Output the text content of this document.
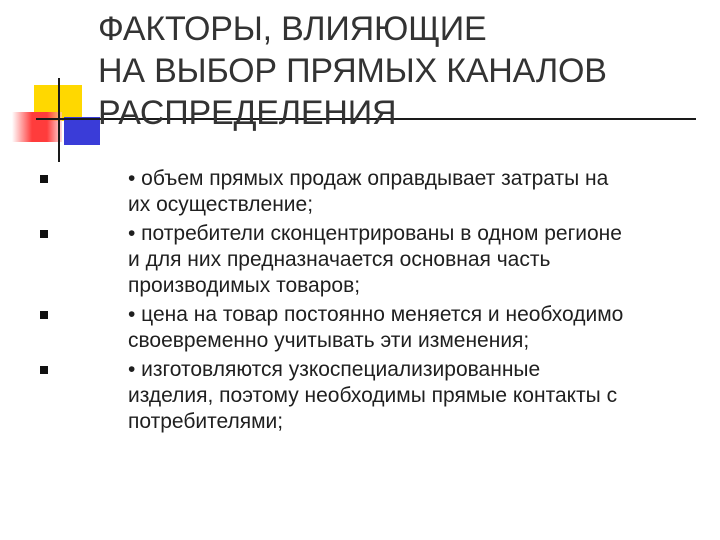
ФАКТОРЫ, ВЛИЯЮЩИЕ
НА ВЫБОР ПРЯМЫХ КАНАЛОВ
РАСПРЕДЕЛЕНИЯ
• объем прямых продаж оправдывает затраты на
их осуществление;
• потребители сконцентрированы в одном регионе
и для них предназначается основная часть
производимых товаров;
• цена на товар постоянно меняется и необходимо
своевременно учитывать эти изменения;
• изготовляются узкоспециализированные
изделия, поэтому необходимы прямые контакты с
потребителями;
